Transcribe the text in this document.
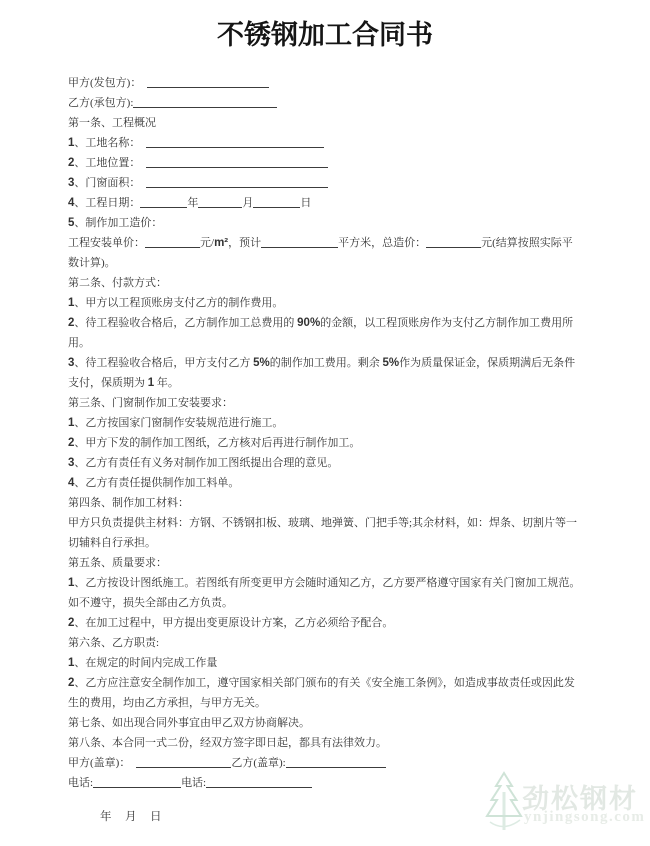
不锈钢加工合同书

甲方(发包方)：

乙方(承包方):

第一条、工程概况

1、工地名称：

2、工地位置：

3、门窗面积：

4、工程日期：	年	月	日

5、制作加工造价：

工程安装单价：	元/m²，预计	平方米，总造价：	元(结算按照实际平数计算)。

第二条、付款方式：

1、甲方以工程顶账房支付乙方的制作费用。

2、待工程验收合格后，乙方制作加工总费用的 90%的金额，以工程顶账房作为支付乙方制作加工费用所用。

3、待工程验收合格后，甲方支付乙方 5%的制作加工费用。剩余 5%作为质量保证金，保质期满后无条件支付，保质期为 1 年。

第三条、门窗制作加工安装要求：

1、乙方按国家门窗制作安装规范进行施工。

2、甲方下发的制作加工图纸，乙方核对后再进行制作加工。

3、乙方有责任有义务对制作加工图纸提出合理的意见。

4、乙方有责任提供制作加工料单。

第四条、制作加工材料：

甲方只负责提供主材料：方钢、不锈钢扣板、玻璃、地弹簧、门把手等;其余材料，如：焊条、切割片等一切辅料自行承担。

第五条、质量要求：

1、乙方按设计图纸施工。若图纸有所变更甲方会随时通知乙方，乙方要严格遵守国家有关门窗加工规范。如不遵守，损失全部由乙方负责。

2、在加工过程中，甲方提出变更原设计方案，乙方必须给予配合。

第六条、乙方职责:

1、在规定的时间内完成工作量

2、乙方应注意安全制作加工，遵守国家相关部门颁布的有关《安全施工条例》，如造成事故责任或因此发生的费用，均由乙方承担，与甲方无关。

第七条、如出现合同外事宜由甲乙双方协商解决。

第八条、本合同一式二份，经双方签字即日起，都具有法律效力。

甲方(盖章)：	乙方(盖章):

电话:	电话:

年　月　日
劲松钢材
ynjingsong.com
